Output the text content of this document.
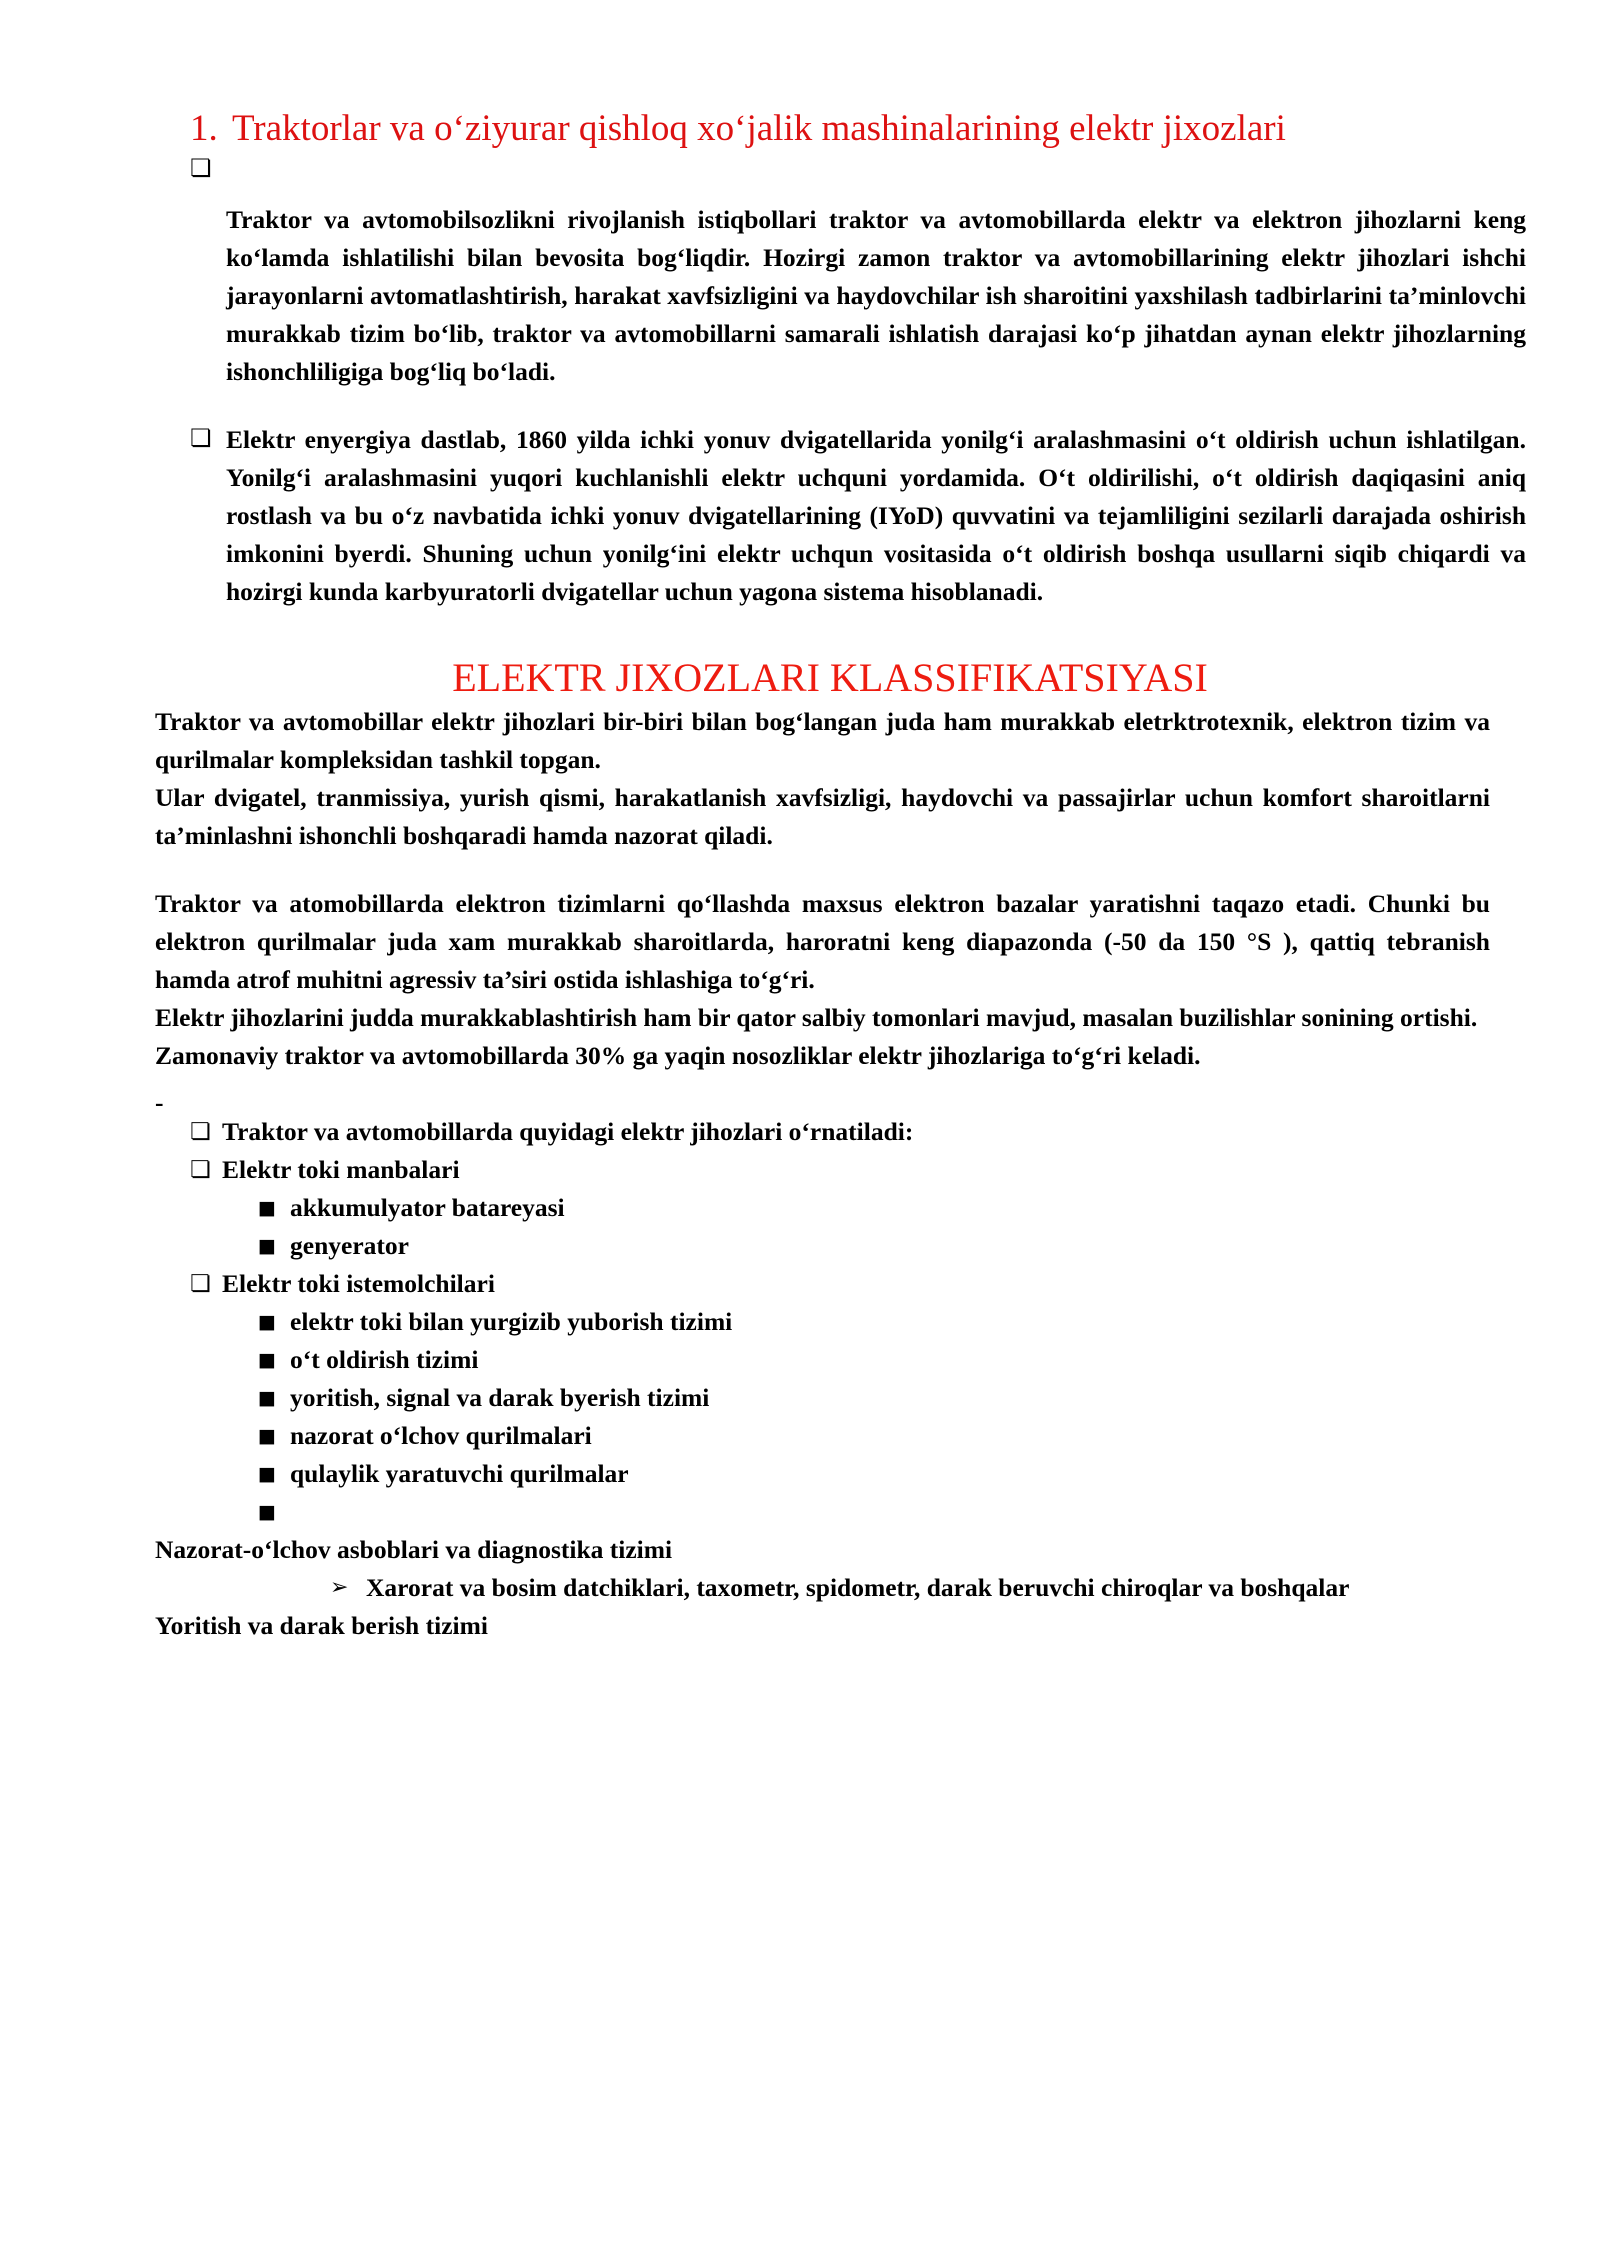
1. Traktorlar va o‘ziyurar qishloq xo‘jalik mashinalarining elektr jixozlari
❏

Traktor va avtomobilsozlikni rivojlanish istiqbollari traktor va avtomobillarda elektr va elektron jihozlarni keng ko‘lamda ishlatilishi bilan bevosita bog‘liqdir. Hozirgi zamon traktor va avtomobillarining elektr jihozlari ishchi jarayonlarni avtomatlashtirish, harakat xavfsizligini va haydovchilar ish sharoitini yaxshilash tadbirlarini ta’minlovchi murakkab tizim bo‘lib, traktor va avtomobillarni samarali ishlatish darajasi ko‘p jihatdan aynan elektr jihozlarning ishonchliligiga bog‘liq bo‘ladi.

❏ Elektr enyergiya dastlab, 1860 yilda ichki yonuv dvigatellarida yonilg‘i aralashmasini o‘t oldirish uchun ishlatilgan. Yonilg‘i aralashmasini yuqori kuchlanishli elektr uchquni yordamida. O‘t oldirilishi, o‘t oldirish daqiqasini aniq rostlash va bu o‘z navbatida ichki yonuv dvigatellarining (IYoD) quvvatini va tejamliligini sezilarli darajada oshirish imkonini byerdi. Shuning uchun yonilg‘ini elektr uchqun vositasida o‘t oldirish boshqa usullarni siqib chiqardi va hozirgi kunda karbyuratorli dvigatellar uchun yagona sistema hisoblanadi.

ELEKTR JIXOZLARI KLASSIFIKATSIYASI

Traktor va avtomobillar elektr jihozlari bir-biri bilan bog‘langan juda ham murakkab eletrktrotexnik, elektron tizim va qurilmalar kompleksidan tashkil topgan.

Ular dvigatel, tranmissiya, yurish qismi, harakatlanish xavfsizligi, haydovchi va passajirlar uchun komfort sharoitlarni ta’minlashni ishonchli boshqaradi hamda nazorat qiladi.

Traktor va atomobillarda elektron tizimlarni qo‘llashda maxsus elektron bazalar yaratishni taqazo etadi. Chunki bu elektron qurilmalar juda xam murakkab sharoitlarda, haroratni keng diapazonda (-50 da 150 °S ), qattiq tebranish hamda atrof muhitni agressiv ta’siri ostida ishlashiga to‘g‘ri.

Elektr jihozlarini judda murakkablashtirish ham bir qator salbiy tomonlari mavjud, masalan buzilishlar sonining ortishi.

Zamonaviy traktor va avtomobillarda 30% ga yaqin nosozliklar elektr jihozlariga to‘g‘ri keladi.

-
❏ Traktor va avtomobillarda quyidagi elektr jihozlari o‘rnatiladi:
❏ Elektr toki manbalari
■ akkumulyator batareyasi
■ genyerator
❏ Elektr toki istemolchilari
■ elektr toki bilan yurgizib yuborish tizimi
■ o‘t oldirish tizimi
■ yoritish, signal va darak byerish tizimi
■ nazorat o‘lchov qurilmalari
■ qulaylik yaratuvchi qurilmalar
■
Nazorat-o‘lchov asboblari va diagnostika tizimi
➢ Xarorat va bosim datchiklari, taxometr, spidometr, darak beruvchi chiroqlar va boshqalar
Yoritish va darak berish tizimi
